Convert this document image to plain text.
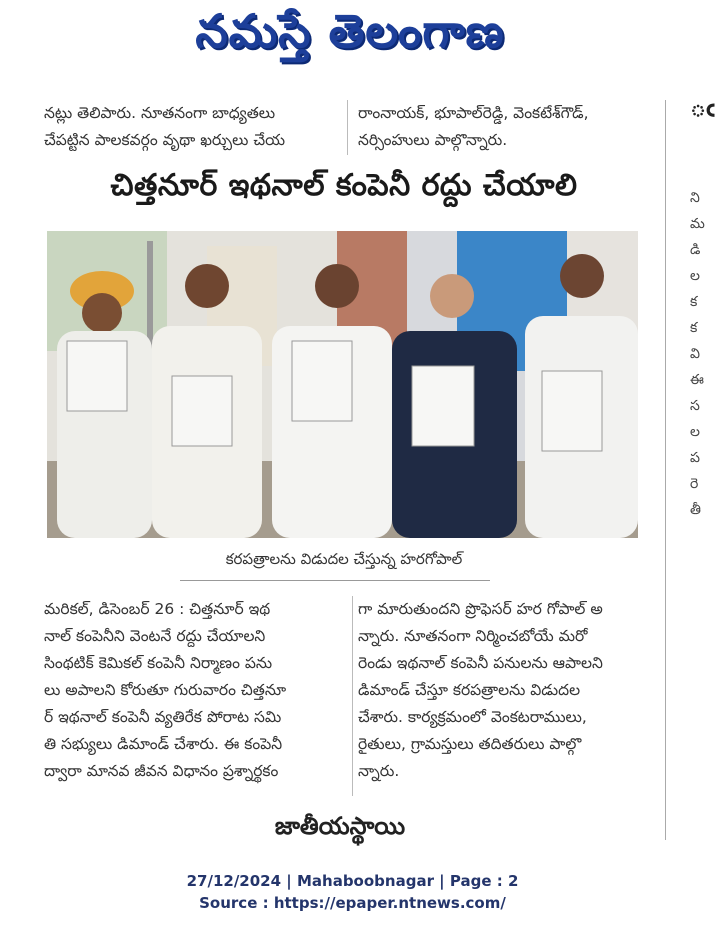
నమస్తే తెలంగాణ
నట్లు తెలిపారు. నూతనంగా బాధ్యతలు
చేపట్టిన పాలకవర్గం వృథా ఖర్చులు చేయ
రాంనాయక్, భూపాల్‌రెడ్డి, వెంకటేశ్‌గౌడ్,
నర్సింహులు పాల్గొన్నారు.
చిత్తనూర్ ఇథనాల్ కంపెనీ రద్దు చేయాలి
కరపత్రాలను విడుదల చేస్తున్న హరగోపాల్
మరికల్, డిసెంబర్ 26 : చిత్తనూర్ ఇథ
నాల్ కంపెనీని వెంటనే రద్దు చేయాలని
సింథటిక్ కెమికల్ కంపెనీ నిర్మాణం పను
లు అపాలని కోరుతూ గురువారం చిత్తనూ
ర్ ఇథనాల్ కంపెనీ వ్యతిరేక పోరాట సమి
తి సభ్యులు డిమాండ్ చేశారు. ఈ కంపెనీ
ద్వారా మానవ జీవన విధానం ప్రశ్నార్థకం
గా మారుతుందని ప్రొఫెసర్ హర గోపాల్ అ
న్నారు. నూతనంగా నిర్మించబోయే మరో
రెండు ఇథనాల్ కంపెనీ పనులను ఆపాలని
డిమాండ్ చేస్తూ కరపత్రాలను విడుదల
చేశారు. కార్యక్రమంలో వెంకటరాములు,
రైతులు, గ్రామస్తులు తదితరులు పాల్గొ
న్నారు.
జాతీయస్థాయి
ఁ
ని
మ
డి
ల
క
క
వి
ఈ
స
ల
ప
రె
తీ
27/12/2024 | Mahaboobnagar | Page : 2
Source : https://epaper.ntnews.com/
